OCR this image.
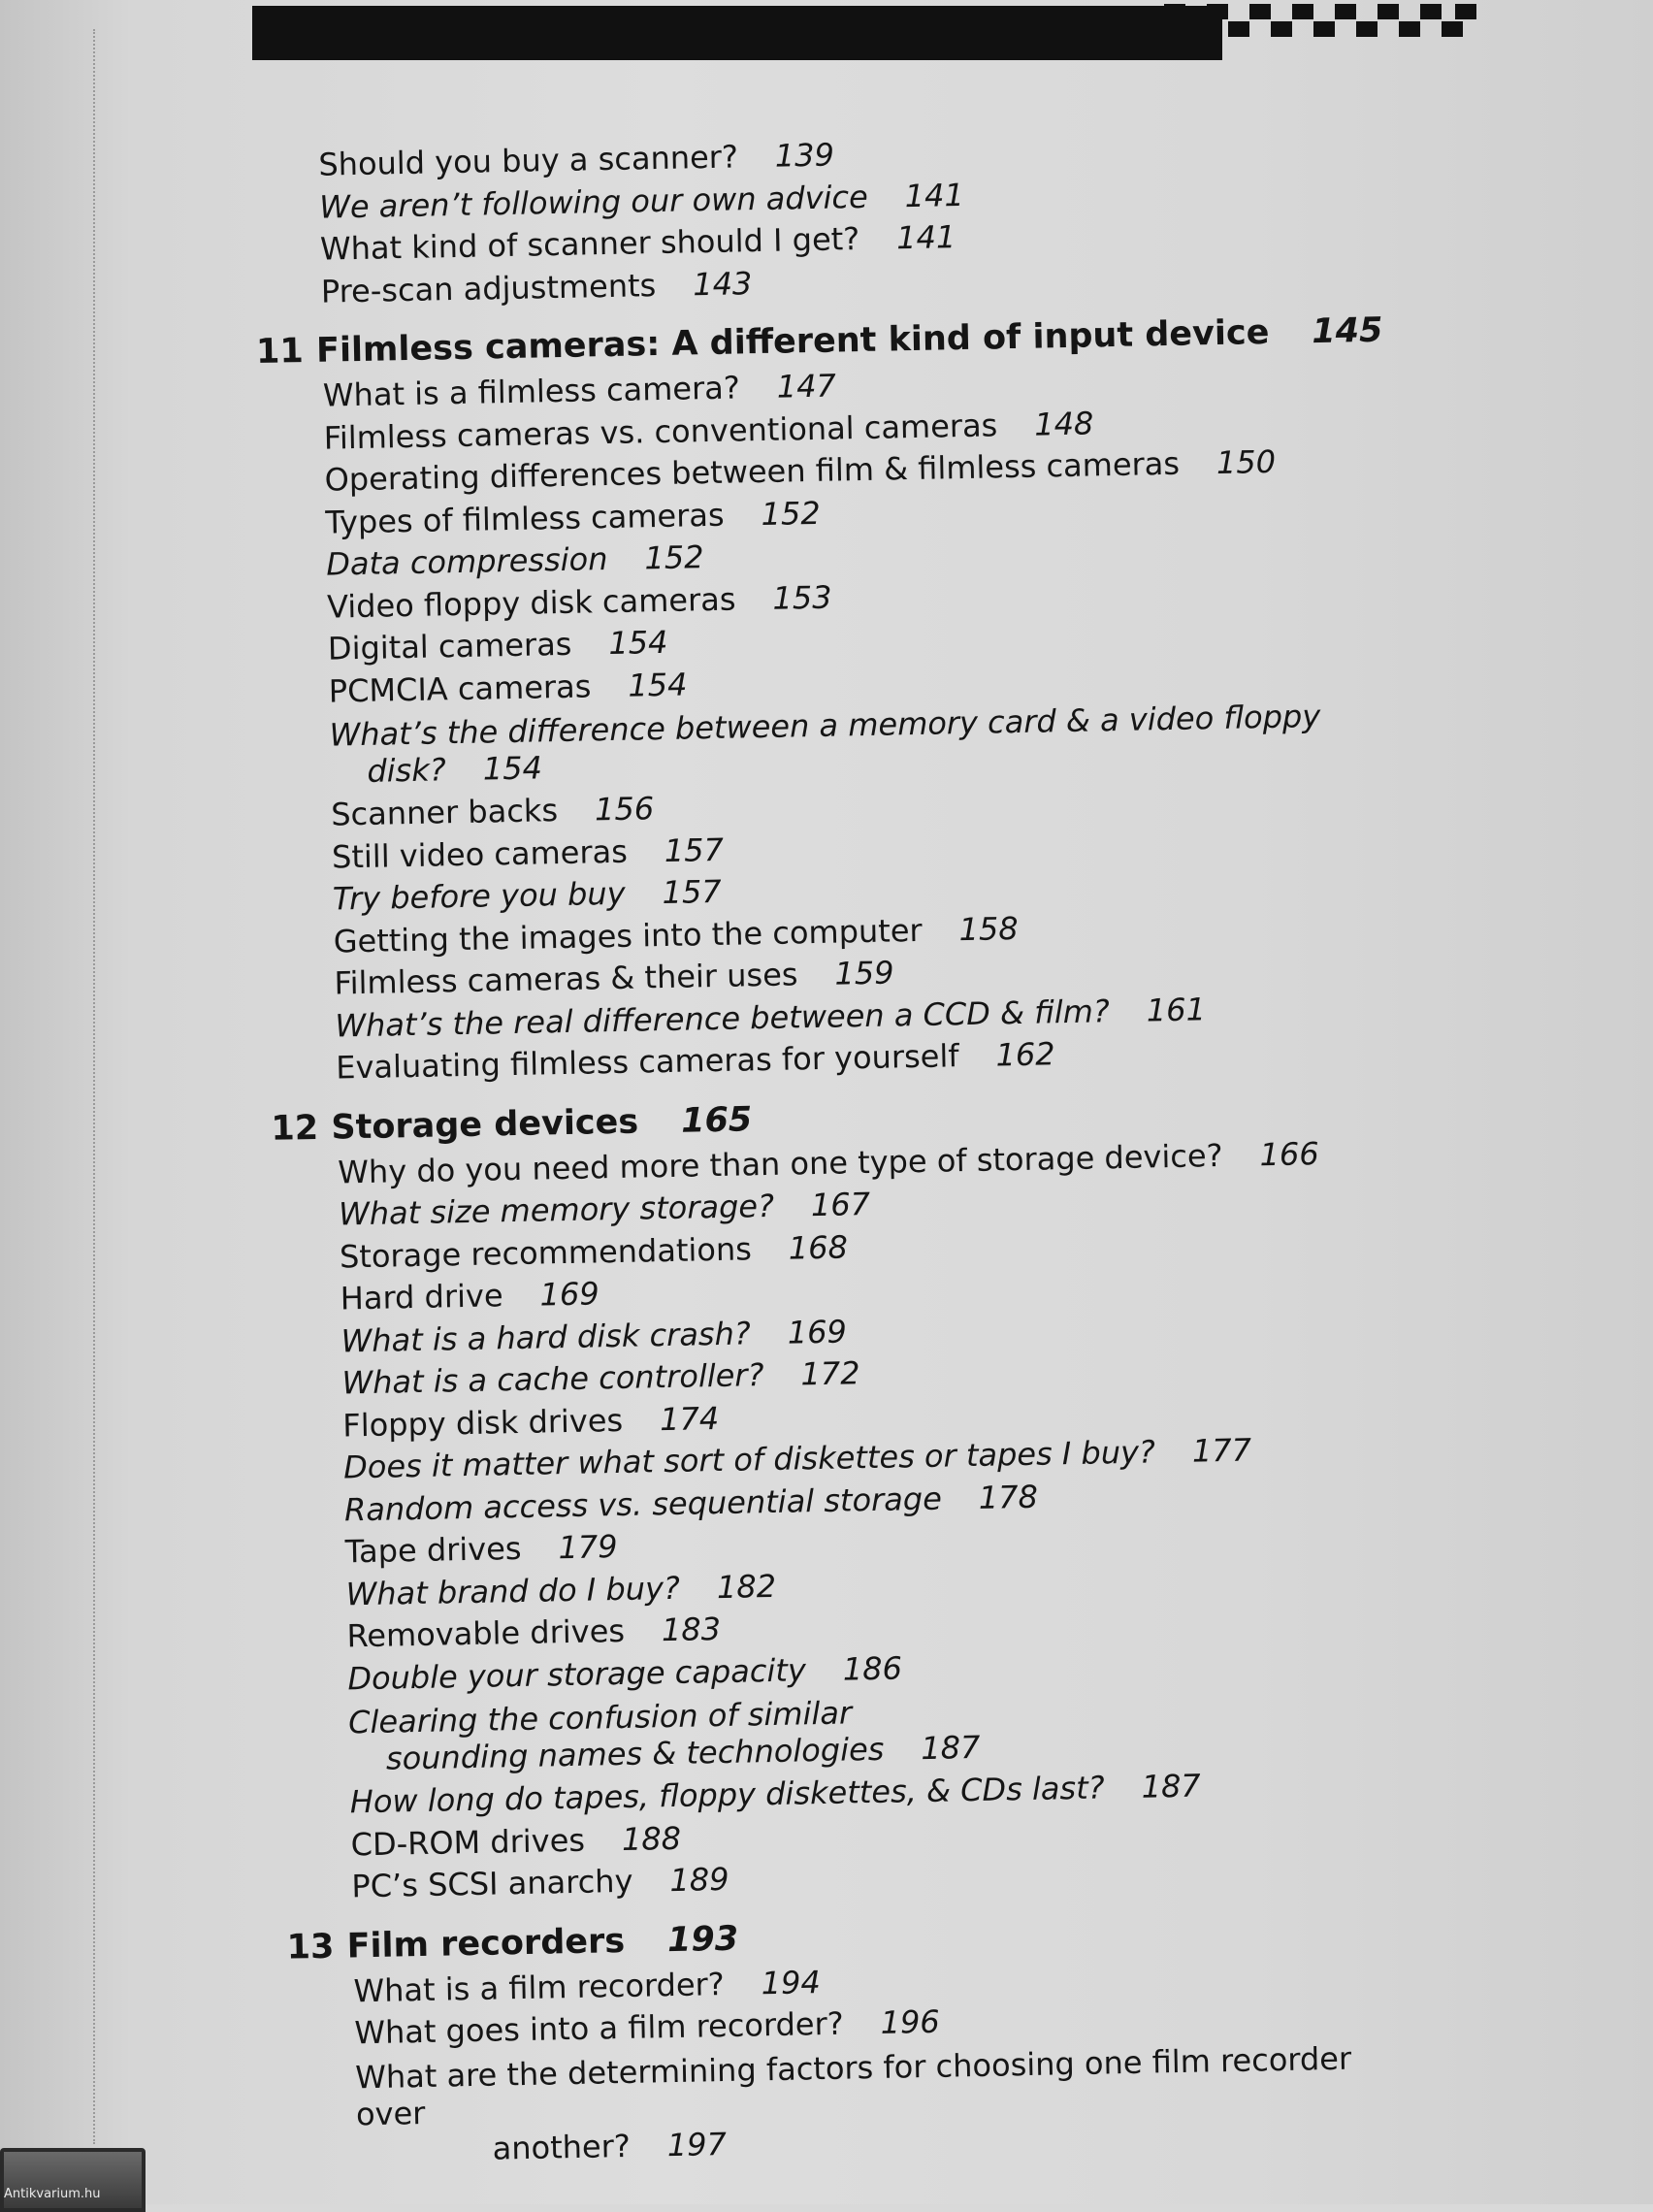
Should you buy a scanner? 139
We aren’t following our own advice 141
What kind of scanner should I get? 141
Pre-scan adjustments 143
11 Filmless cameras: A different kind of input device 145
What is a filmless camera? 147
Filmless cameras vs. conventional cameras 148
Operating differences between film & filmless cameras 150
Types of filmless cameras 152
Data compression 152
Video floppy disk cameras 153
Digital cameras 154
PCMCIA cameras 154
What’s the difference between a memory card & a video floppy
disk? 154
Scanner backs 156
Still video cameras 157
Try before you buy 157
Getting the images into the computer 158
Filmless cameras & their uses 159
What’s the real difference between a CCD & film? 161
Evaluating filmless cameras for yourself 162
12 Storage devices 165
Why do you need more than one type of storage device? 166
What size memory storage? 167
Storage recommendations 168
Hard drive 169
What is a hard disk crash? 169
What is a cache controller? 172
Floppy disk drives 174
Does it matter what sort of diskettes or tapes I buy? 177
Random access vs. sequential storage 178
Tape drives 179
What brand do I buy? 182
Removable drives 183
Double your storage capacity 186
Clearing the confusion of similar
sounding names & technologies 187
How long do tapes, floppy diskettes, & CDs last? 187
CD-ROM drives 188
PC’s SCSI anarchy 189
13 Film recorders 193
What is a film recorder? 194
What goes into a film recorder? 196
What are the determining factors for choosing one film recorder over
another? 197
Antikvarium.hu
